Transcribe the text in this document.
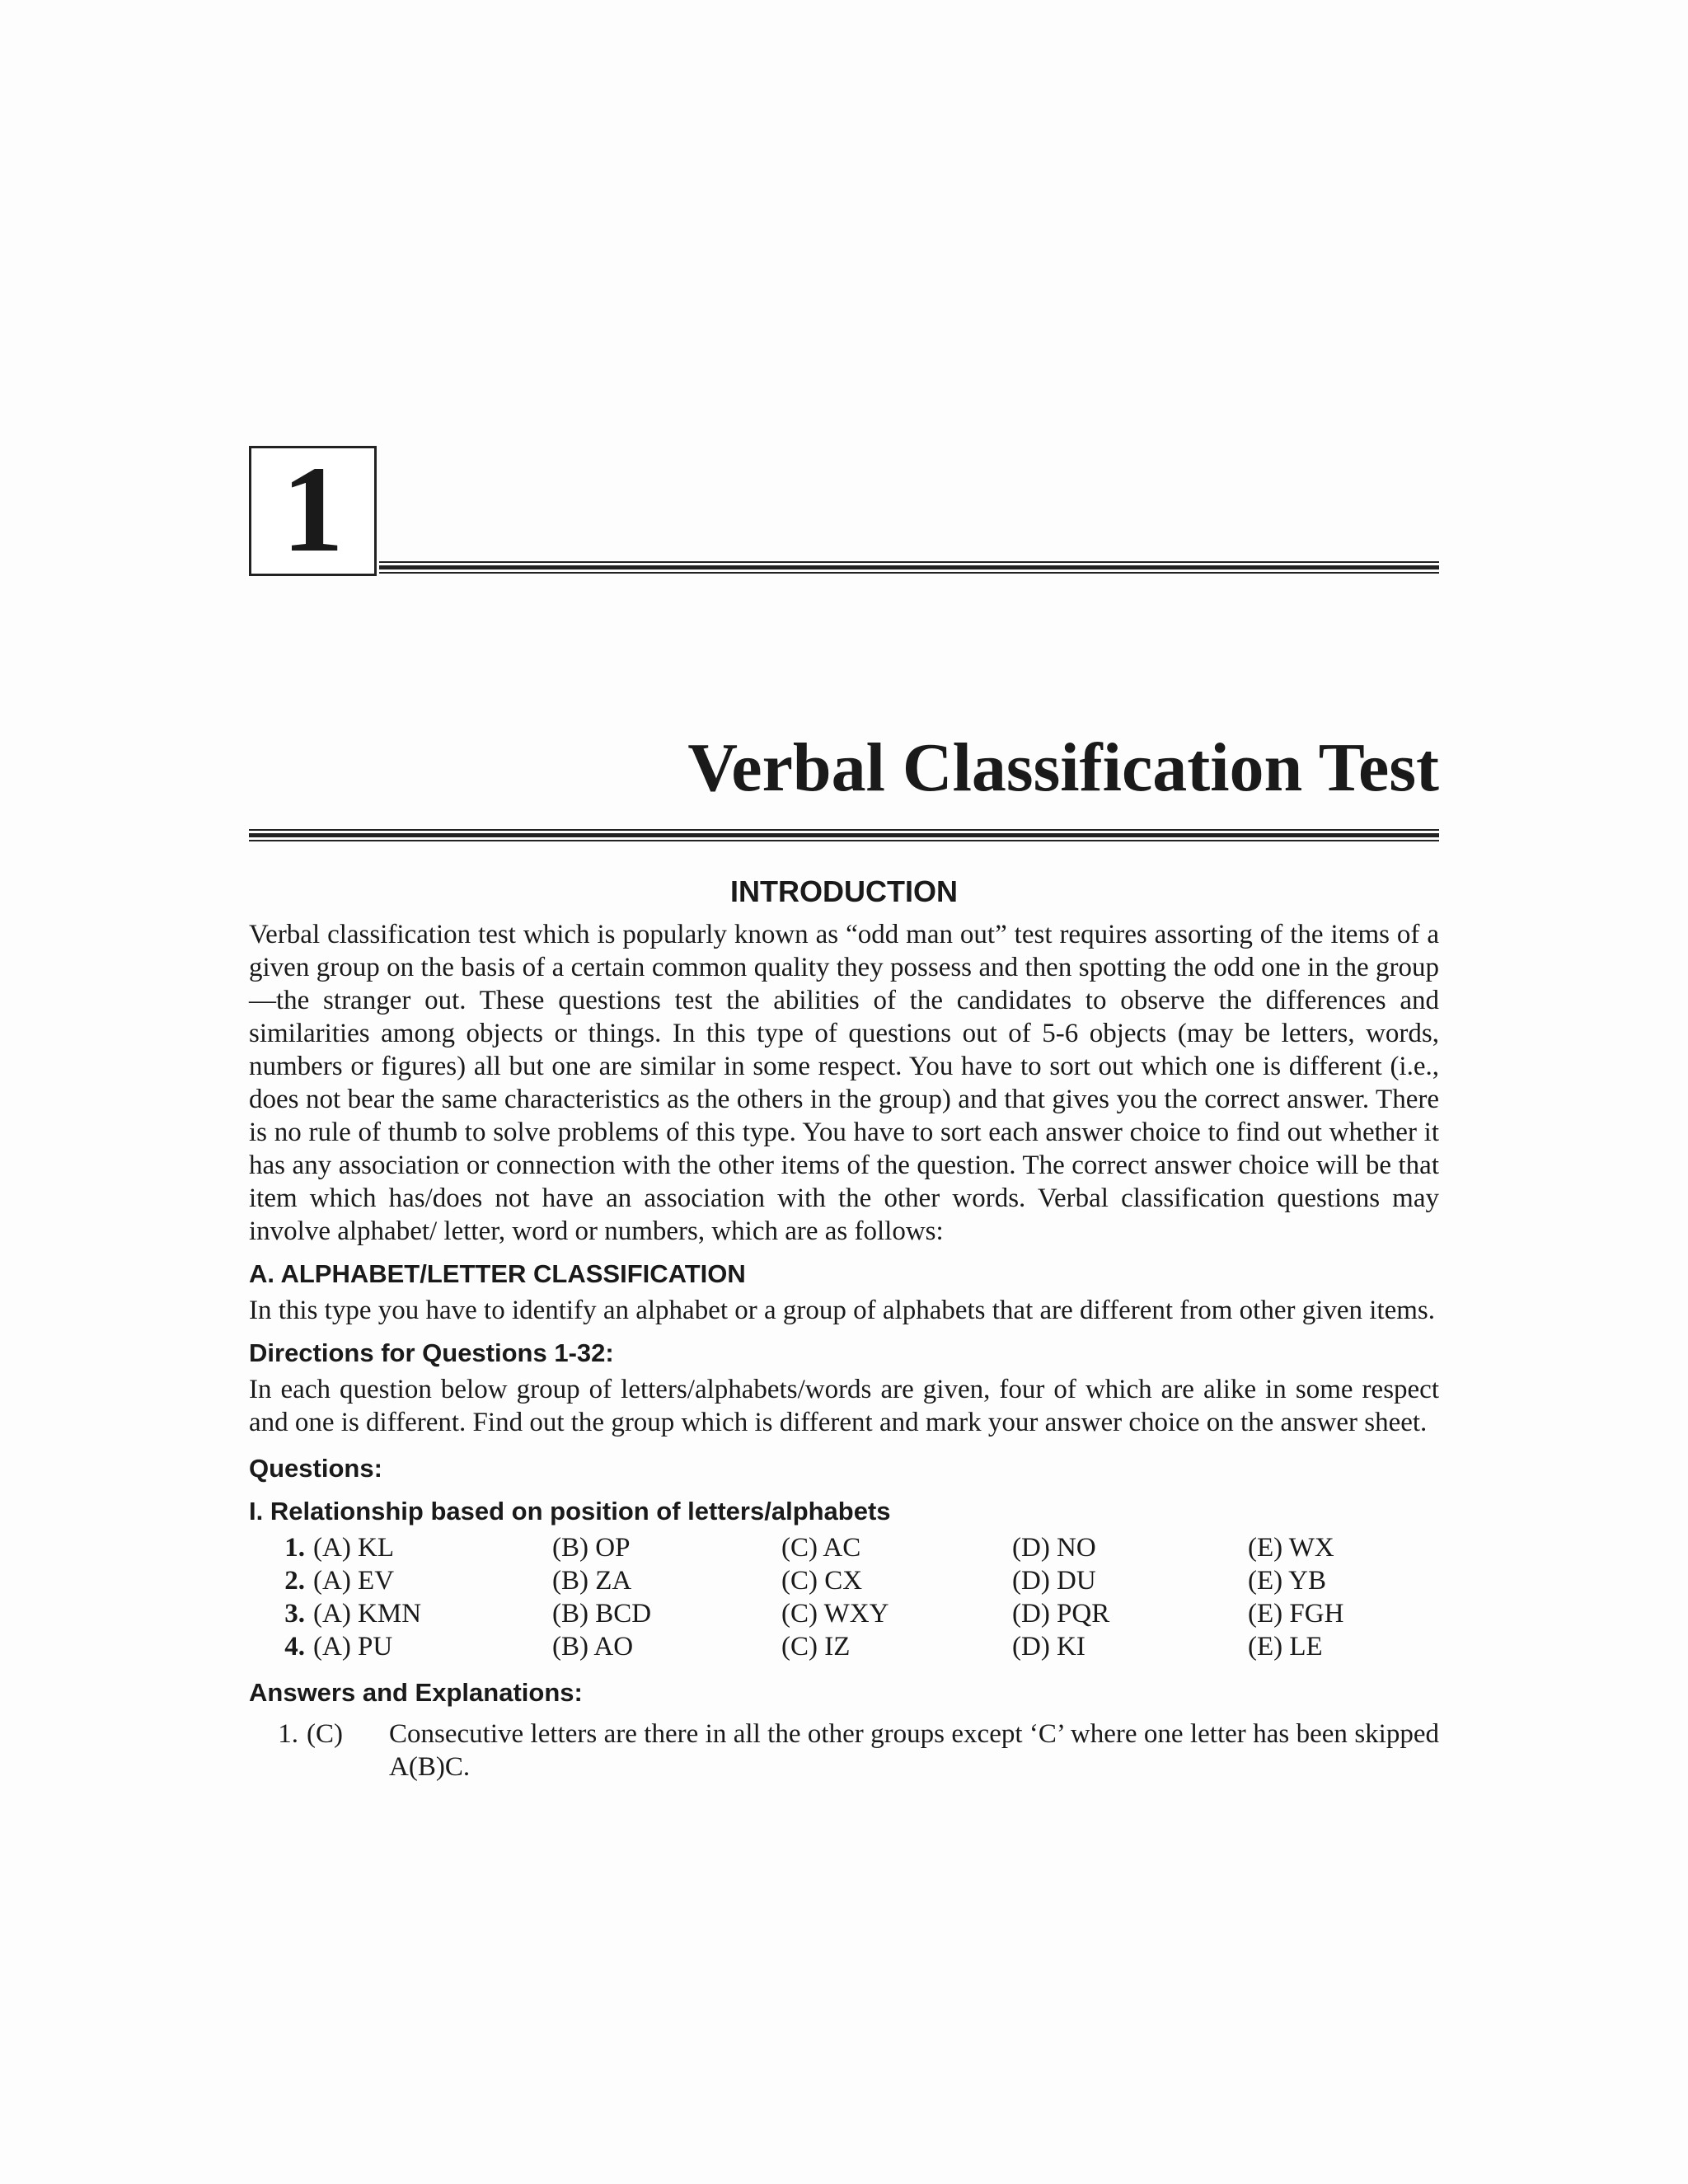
1
Verbal Classification Test
INTRODUCTION

Verbal classification test which is popularly known as “odd man out” test requires assorting of the items of a given group on the basis of a certain common quality they possess and then spotting the odd one in the group—the stranger out. These questions test the abilities of the candidates to observe the differences and similarities among objects or things. In this type of questions out of 5-6 objects (may be letters, words, numbers or figures) all but one are similar in some respect. You have to sort out which one is different (i.e., does not bear the same characteristics as the others in the group) and that gives you the correct answer. There is no rule of thumb to solve problems of this type. You have to sort each answer choice to find out whether it has any association or connection with the other items of the question. The correct answer choice will be that item which has/does not have an association with the other words. Verbal classification questions may involve alphabet/ letter, word or numbers, which are as follows:

A. ALPHABET/LETTER CLASSIFICATION

In this type you have to identify an alphabet or a group of alphabets that are different from other given items.

Directions for Questions 1-32:

In each question below group of letters/alphabets/words are given, four of which are alike in some respect and one is different. Find out the group which is different and mark your answer choice on the answer sheet.

Questions:
I. Relationship based on position of letters/alphabets
1.	(A) KL	(B) OP	(C) AC	(D) NO	(E) WX
2.	(A) EV	(B) ZA	(C) CX	(D) DU	(E) YB
3.	(A) KMN	(B) BCD	(C) WXY	(D) PQR	(E) FGH
4.	(A) PU	(B) AO	(C) IZ	(D) KI	(E) LE
Answers and Explanations:
1. (C)	Consecutive letters are there in all the other groups except ‘C’ where one letter has been skipped A(B)C.
